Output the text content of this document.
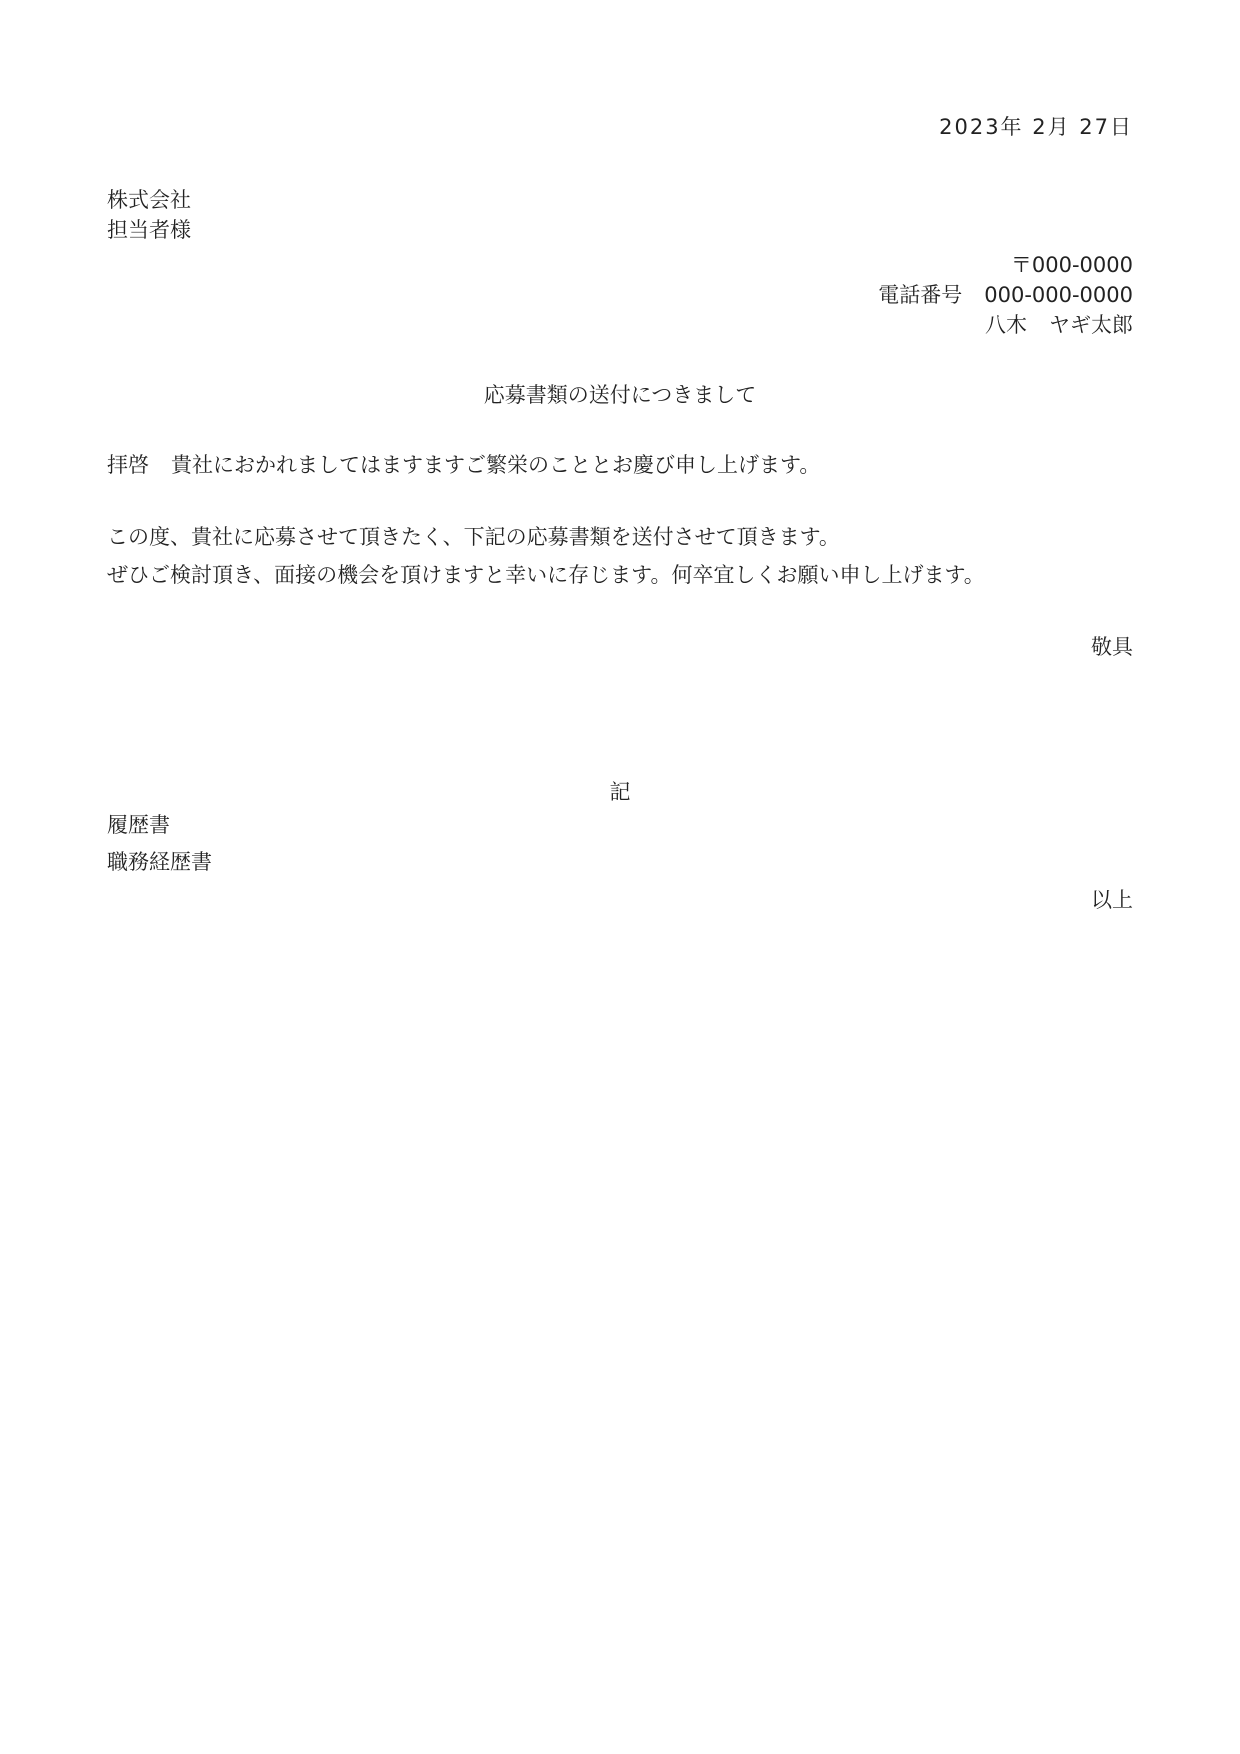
2023年 2月 27日
株式会社
担当者様
〒000-0000
電話番号 000-000-0000
八木 ヤギ太郎
応募書類の送付につきまして
拝啓 貴社におかれましてはますますご繁栄のこととお慶び申し上げます。
この度、貴社に応募させて頂きたく、下記の応募書類を送付させて頂きます。
ぜひご検討頂き、面接の機会を頂けますと幸いに存じます。何卒宜しくお願い申し上げます。
敬具
記
履歴書
職務経歴書
以上
